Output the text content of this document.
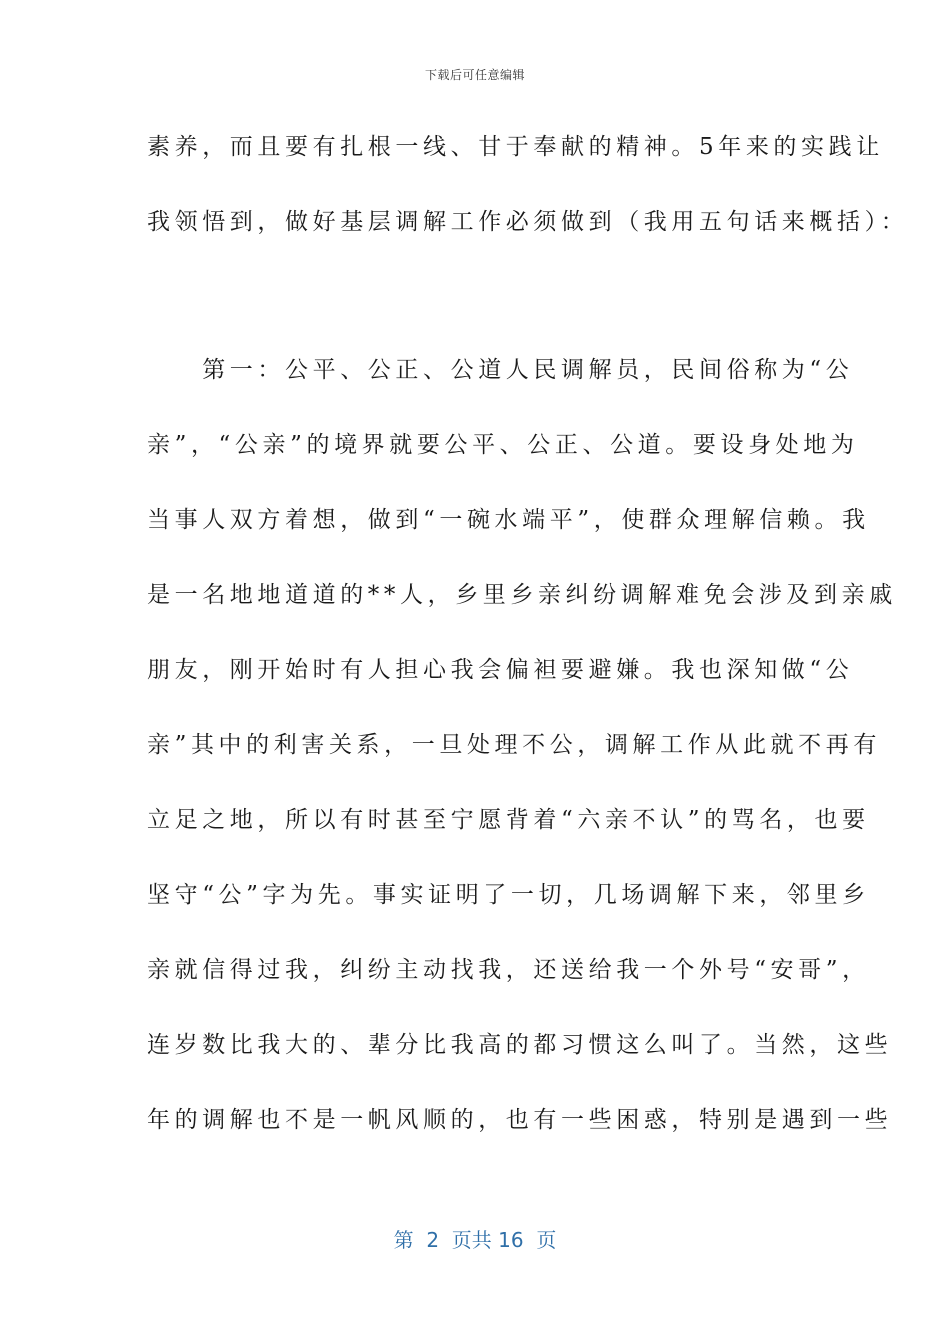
下载后可任意编辑
素养，而且要有扎根一线、甘于奉献的精神。5年来的实践让
我领悟到，做好基层调解工作必须做到（我用五句话来概括）：
　　第一：公平、公正、公道人民调解员，民间俗称为“公
亲”，“公亲”的境界就要公平、公正、公道。要设身处地为
当事人双方着想，做到“一碗水端平”，使群众理解信赖。我
是一名地地道道的**人，乡里乡亲纠纷调解难免会涉及到亲戚
朋友，刚开始时有人担心我会偏袒要避嫌。我也深知做“公
亲”其中的利害关系，一旦处理不公，调解工作从此就不再有
立足之地，所以有时甚至宁愿背着“六亲不认”的骂名，也要
坚守“公”字为先。事实证明了一切，几场调解下来，邻里乡
亲就信得过我，纠纷主动找我，还送给我一个外号“安哥”，
连岁数比我大的、辈分比我高的都习惯这么叫了。当然，这些
年的调解也不是一帆风顺的，也有一些困惑，特别是遇到一些
第  2  页共 16  页
